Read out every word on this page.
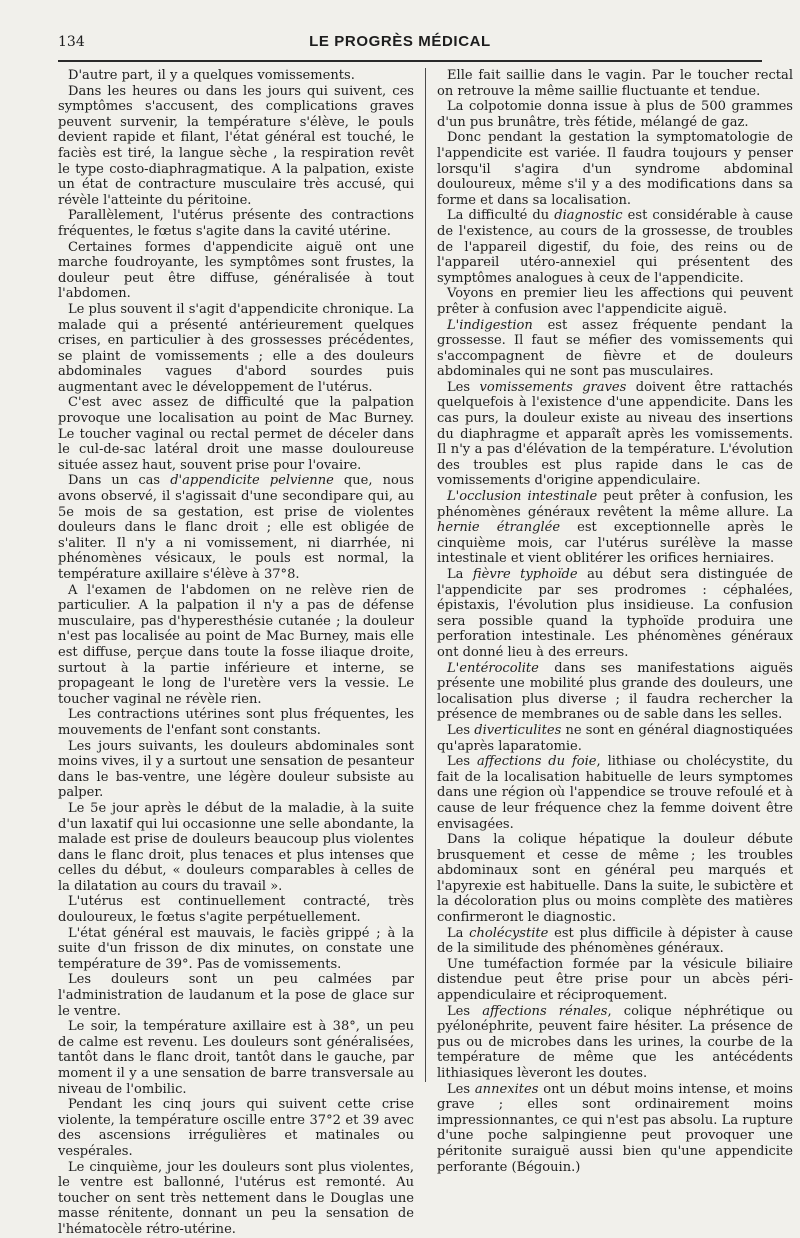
134	LE PROGRÈS MÉDICAL

D'autre part, il y a quelques vomissements.

Dans les heures ou dans les jours qui suivent, ces symptômes s'accusent, des complications graves peuvent survenir, la température s'élève, le pouls devient rapide et filant, l'état général est touché, le faciès est tiré, la langue sèche , la respiration revêt le type costo-diaphragmatique. A la palpation, existe un état de contracture musculaire très accusé, qui révèle l'atteinte du péritoine.

Parallèlement, l'utérus présente des contractions fréquentes, le fœtus s'agite dans la cavité utérine.

Certaines formes d'appendicite aiguë ont une marche foudroyante, les symptômes sont frustes, la douleur peut être diffuse, généralisée à tout l'abdomen.

Le plus souvent il s'agit d'appendicite chronique. La malade qui a présenté antérieurement quelques crises, en particulier à des grossesses précédentes, se plaint de vomissements ; elle a des douleurs abdominales vagues d'abord sourdes puis augmentant avec le développement de l'utérus.

C'est avec assez de difficulté que la palpation provoque une localisation au point de Mac Burney. Le toucher vaginal ou rectal permet de déceler dans le cul-de-sac latéral droit une masse douloureuse située assez haut, souvent prise pour l'ovaire.

Dans un cas d'appendicite pelvienne que, nous avons observé, il s'agissait d'une secondipare qui, au 5e mois de sa gestation, est prise de violentes douleurs dans le flanc droit ; elle est obligée de s'aliter. Il n'y a ni vomissement, ni diarrhée, ni phénomènes vésicaux, le pouls est normal, la température axillaire s'élève à 37°8.

A l'examen de l'abdomen on ne relève rien de particulier. A la palpation il n'y a pas de défense musculaire, pas d'hyperesthésie cutanée ; la douleur n'est pas localisée au point de Mac Burney, mais elle est diffuse, perçue dans toute la fosse iliaque droite, surtout à la partie inférieure et interne, se propageant le long de l'uretère vers la vessie. Le toucher vaginal ne révèle rien.

Les contractions utérines sont plus fréquentes, les mouvements de l'enfant sont constants.

Les jours suivants, les douleurs abdominales sont moins vives, il y a surtout une sensation de pesanteur dans le bas-ventre, une légère douleur subsiste au palper.

Le 5e jour après le début de la maladie, à la suite d'un laxatif qui lui occasionne une selle abondante, la malade est prise de douleurs beaucoup plus violentes dans le flanc droit, plus tenaces et plus intenses que celles du début, « douleurs comparables à celles de la dilatation au cours du travail ».

L'utérus est continuellement contracté, très douloureux, le fœtus s'agite perpétuellement.

L'état général est mauvais, le faciès grippé ; à la suite d'un frisson de dix minutes, on constate une température de 39°. Pas de vomissements.

Les douleurs sont un peu calmées par l'administration de laudanum et la pose de glace sur le ventre.

Le soir, la température axillaire est à 38°, un peu de calme est revenu. Les douleurs sont généralisées, tantôt dans le flanc droit, tantôt dans le gauche, par moment il y a une sensation de barre transversale au niveau de l'ombilic.

Pendant les cinq jours qui suivent cette crise violente, la température oscille entre 37°2 et 39 avec des ascensions irrégulières et matinales ou vespérales.

Le cinquième, jour les douleurs sont plus violentes, le ventre est ballonné, l'utérus est remonté. Au toucher on sent très nettement dans le Douglas une masse rénitente, donnant un peu la sensation de l'hématocèle rétro-utérine.

Elle fait saillie dans le vagin. Par le toucher rectal on retrouve la même saillie fluctuante et tendue.

La colpotomie donna issue à plus de 500 grammes d'un pus brunâtre, très fétide, mélangé de gaz.

Donc pendant la gestation la symptomatologie de l'appendicite est variée. Il faudra toujours y penser lorsqu'il s'agira d'un syndrome abdominal douloureux, même s'il y a des modifications dans sa forme et dans sa localisation.

La difficulté du diagnostic est considérable à cause de l'existence, au cours de la grossesse, de troubles de l'appareil digestif, du foie, des reins ou de l'appareil utéro-annexiel qui présentent des symptômes analogues à ceux de l'appendicite.

Voyons en premier lieu les affections qui peuvent prêter à confusion avec l'appendicite aiguë.

L'indigestion est assez fréquente pendant la grossesse. Il faut se méfier des vomissements qui s'accompagnent de fièvre et de douleurs abdominales qui ne sont pas musculaires.

Les vomissements graves doivent être rattachés quelquefois à l'existence d'une appendicite. Dans les cas purs, la douleur existe au niveau des insertions du diaphragme et apparaît après les vomissements. Il n'y a pas d'élévation de la température. L'évolution des troubles est plus rapide dans le cas de vomissements d'origine appendiculaire.

L'occlusion intestinale peut prêter à confusion, les phénomènes généraux revêtent la même allure. La hernie étranglée est exceptionnelle après le cinquième mois, car l'utérus surélève la masse intestinale et vient oblitérer les orifices herniaires.

La fièvre typhoïde au début sera distinguée de l'appendicite par ses prodromes : céphalées, épistaxis, l'évolution plus insidieuse. La confusion sera possible quand la typhoïde produira une perforation intestinale. Les phénomènes généraux ont donné lieu à des erreurs.

L'entérocolite dans ses manifestations aiguës présente une mobilité plus grande des douleurs, une localisation plus diverse ; il faudra rechercher la présence de membranes ou de sable dans les selles.

Les diverticulites ne sont en général diagnostiquées qu'après laparatomie.

Les affections du foie, lithiase ou cholécystite, du fait de la localisation habituelle de leurs symptomes dans une région où l'appendice se trouve refoulé et à cause de leur fréquence chez la femme doivent être envisagées.

Dans la colique hépatique la douleur débute brusquement et cesse de même ; les troubles abdominaux sont en général peu marqués et l'apyrexie est habituelle. Dans la suite, le subictère et la décoloration plus ou moins complète des matières confirmeront le diagnostic.

La cholécystite est plus difficile à dépister à cause de la similitude des phénomènes généraux.

Une tuméfaction formée par la vésicule biliaire distendue peut être prise pour un abcès péri-appendiculaire et réciproquement.

Les affections rénales, colique néphrétique ou pyélonéphrite, peuvent faire hésiter. La présence de pus ou de microbes dans les urines, la courbe de la température de même que les antécédents lithiasiques lèveront les doutes.

Les annexites ont un début moins intense, et moins grave ; elles sont ordinairement moins impressionnantes, ce qui n'est pas absolu. La rupture d'une poche salpingienne peut provoquer une péritonite suraiguë aussi bien qu'une appendicite perforante (Bégouin.)
